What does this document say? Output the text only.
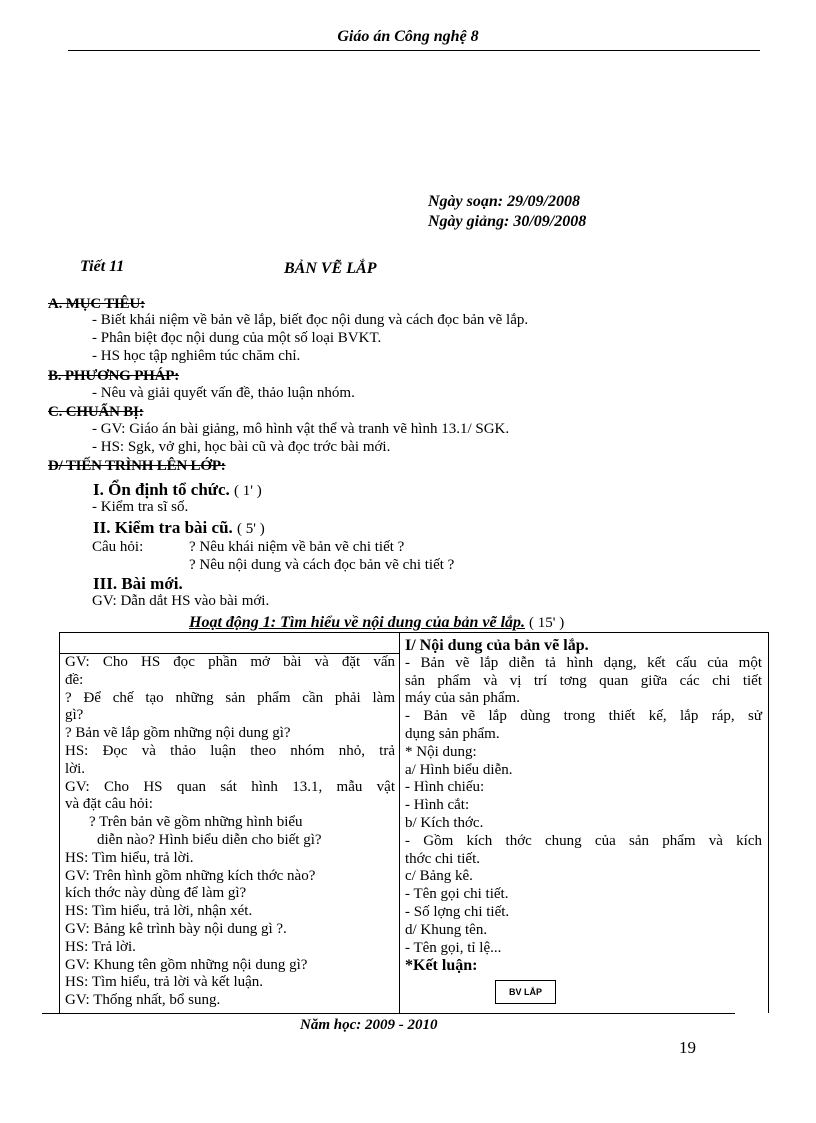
Giáo án Công nghệ 8
Ngày soạn: 29/09/2008
Ngày giảng: 30/09/2008
Tiết 11	BẢN VẼ LẮP
A. MỤC TIÊU:
- Biết khái niệm về bản vẽ lắp, biết đọc nội dung và cách đọc bản vẽ lắp.
- Phân biệt đọc nội dung của một số loại BVKT.
- HS học tập nghiêm túc chăm chỉ.
B. PHƯƠNG PHÁP:
- Nêu và giải quyết vấn đề, thảo luận nhóm.
C. CHUẨN BỊ:
- GV: Giáo án bài giảng, mô hình vật thể và tranh vẽ hình 13.1/ SGK.
- HS: Sgk, vở ghi, học bài cũ và đọc trớc bài mới.
D/ TIẾN TRÌNH LÊN LỚP:
I. Ổn định tổ chức. ( 1' )
- Kiểm tra sĩ số.
II. Kiểm tra bài cũ. ( 5' )
Câu hỏi:	? Nêu khái niệm về bản vẽ chi tiết ?
? Nêu nội dung và cách đọc bản vẽ chi tiết ?
III. Bài mới.
GV: Dẫn dắt HS vào bài mới.
Hoạt động 1: Tìm hiểu về nội dung của bản vẽ lắp. ( 15' )
GV: Cho HS đọc phần mở bài và đặt vấn
đề:
? Để chế tạo những sản phẩm cần phải làm
gì?
? Bản vẽ lắp gồm những nội dung gì?
HS: Đọc và thảo luận theo nhóm nhỏ, trả
lời.
GV: Cho HS quan sát hình 13.1, mẫu vật
và đặt câu hỏi:
? Trên bản vẽ gồm những hình biểu
diễn nào? Hình biểu diễn cho biết gì?
HS: Tìm hiểu, trả lời.
GV: Trên hình gồm những kích thớc nào?
kích thớc này dùng để làm gì?
HS: Tìm hiểu, trả lời, nhận xét.
GV: Bảng kê trình bày nội dung gì ?.
HS: Trả lời.
GV: Khung tên gồm những nội dung gì?
HS: Tìm hiểu, trả lời và kết luận.
GV: Thống nhất, bổ sung.
I/ Nội dung của bản vẽ lắp.
- Bản vẽ lắp diễn tả hình dạng, kết cấu của một
sản phẩm và vị trí tơng quan giữa các chi tiết
máy của sản phẩm.
- Bản vẽ lắp dùng trong thiết kế, lắp ráp, sử
dụng sản phẩm.
* Nội dung:
a/ Hình biểu diễn.
- Hình chiếu:
- Hình cắt:
b/ Kích thớc.
- Gồm kích thớc chung của sản phẩm và kích
thớc chi tiết.
c/ Bảng kê.
- Tên gọi chi tiết.
- Số lợng chi tiết.
d/ Khung tên.
- Tên gọi, tỉ lệ...
*Kết luận:
BV LẮP
Năm học: 2009 - 2010
19
